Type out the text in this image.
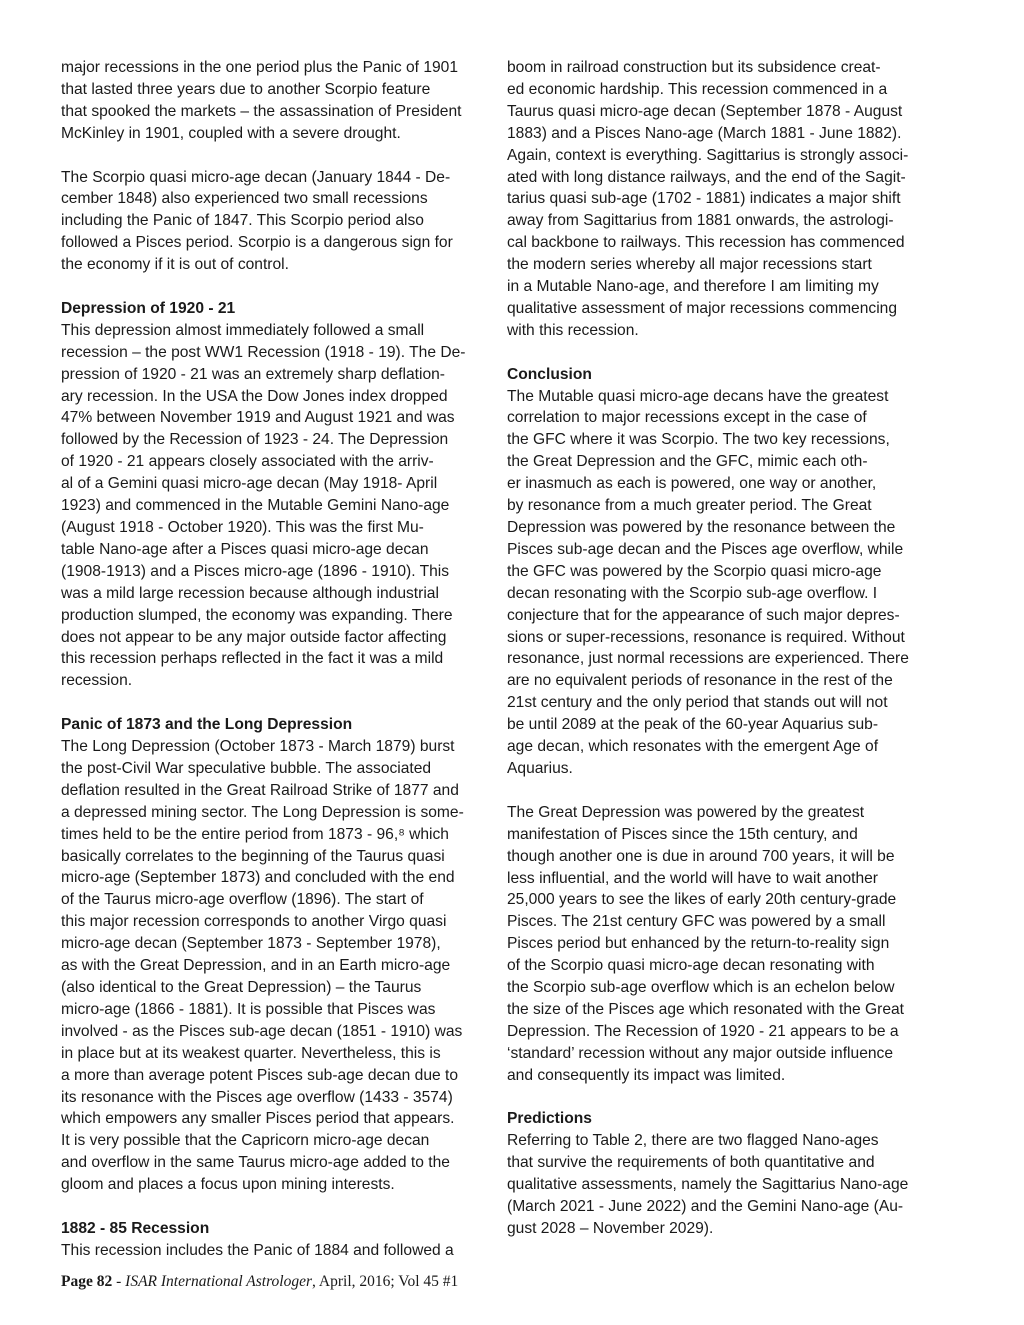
major recessions in the one period plus the Panic of 1901
that lasted three years due to another Scorpio feature
that spooked the markets – the assassination of President
McKinley in 1901, coupled with a severe drought.

The Scorpio quasi micro-age decan (January 1844 - De-
cember 1848) also experienced two small recessions
including the Panic of 1847. This Scorpio period also
followed a Pisces period. Scorpio is a dangerous sign for
the economy if it is out of control.

Depression of 1920 - 21

This depression almost immediately followed a small
recession – the post WW1 Recession (1918 - 19). The De-
pression of 1920 - 21 was an extremely sharp deflation-
ary recession. In the USA the Dow Jones index dropped
47% between November 1919 and August 1921 and was
followed by the Recession of 1923 - 24. The Depression
of 1920 - 21 appears closely associated with the arriv-
al of a Gemini quasi micro-age decan (May 1918- April
1923) and commenced in the Mutable Gemini Nano-age
(August 1918 - October 1920). This was the first Mu-
table Nano-age after a Pisces quasi micro-age decan
(1908-1913) and a Pisces micro-age (1896 - 1910). This
was a mild large recession because although industrial
production slumped, the economy was expanding. There
does not appear to be any major outside factor affecting
this recession perhaps reflected in the fact it was a mild
recession.

Panic of 1873 and the Long Depression

The Long Depression (October 1873 - March 1879) burst
the post-Civil War speculative bubble. The associated
deflation resulted in the Great Railroad Strike of 1877 and
a depressed mining sector. The Long Depression is some-
times held to be the entire period from 1873 - 96,⁸ which
basically correlates to the beginning of the Taurus quasi
micro-age (September 1873) and concluded with the end
of the Taurus micro-age overflow (1896). The start of
this major recession corresponds to another Virgo quasi
micro-age decan (September 1873 - September 1978),
as with the Great Depression, and in an Earth micro-age
(also identical to the Great Depression) – the Taurus
micro-age (1866 - 1881). It is possible that Pisces was
involved - as the Pisces sub-age decan (1851 - 1910) was
in place but at its weakest quarter. Nevertheless, this is
a more than average potent Pisces sub-age decan due to
its resonance with the Pisces age overflow (1433 - 3574)
which empowers any smaller Pisces period that appears.
It is very possible that the Capricorn micro-age decan
and overflow in the same Taurus micro-age added to the
gloom and places a focus upon mining interests.

1882 - 85 Recession

This recession includes the Panic of 1884 and followed a

boom in railroad construction but its subsidence creat-
ed economic hardship. This recession commenced in a
Taurus quasi micro-age decan (September 1878 - August
1883) and a Pisces Nano-age (March 1881 - June 1882).
Again, context is everything. Sagittarius is strongly associ-
ated with long distance railways, and the end of the Sagit-
tarius quasi sub-age (1702 - 1881) indicates a major shift
away from Sagittarius from 1881 onwards, the astrologi-
cal backbone to railways. This recession has commenced
the modern series whereby all major recessions start
in a Mutable Nano-age, and therefore I am limiting my
qualitative assessment of major recessions commencing
with this recession.

Conclusion

The Mutable quasi micro-age decans have the greatest
correlation to major recessions except in the case of
the GFC where it was Scorpio. The two key recessions,
the Great Depression and the GFC, mimic each oth-
er inasmuch as each is powered, one way or another,
by resonance from a much greater period. The Great
Depression was powered by the resonance between the
Pisces sub-age decan and the Pisces age overflow, while
the GFC was powered by the Scorpio quasi micro-age
decan resonating with the Scorpio sub-age overflow. I
conjecture that for the appearance of such major depres-
sions or super-recessions, resonance is required. Without
resonance, just normal recessions are experienced. There
are no equivalent periods of resonance in the rest of the
21st century and the only period that stands out will not
be until 2089 at the peak of the 60-year Aquarius sub-
age decan, which resonates with the emergent Age of
Aquarius.

The Great Depression was powered by the greatest
manifestation of Pisces since the 15th century, and
though another one is due in around 700 years, it will be
less influential, and the world will have to wait another
25,000 years to see the likes of early 20th century-grade
Pisces. The 21st century GFC was powered by a small
Pisces period but enhanced by the return-to-reality sign
of the Scorpio quasi micro-age decan resonating with
the Scorpio sub-age overflow which is an echelon below
the size of the Pisces age which resonated with the Great
Depression. The Recession of 1920 - 21 appears to be a
‘standard’ recession without any major outside influence
and consequently its impact was limited.

Predictions

Referring to Table 2, there are two flagged Nano-ages
that survive the requirements of both quantitative and
qualitative assessments, namely the Sagittarius Nano-age
(March 2021 - June 2022) and the Gemini Nano-age (Au-
gust 2028 – November 2029).

Page 82 - ISAR International Astrologer, April, 2016; Vol 45 #1
